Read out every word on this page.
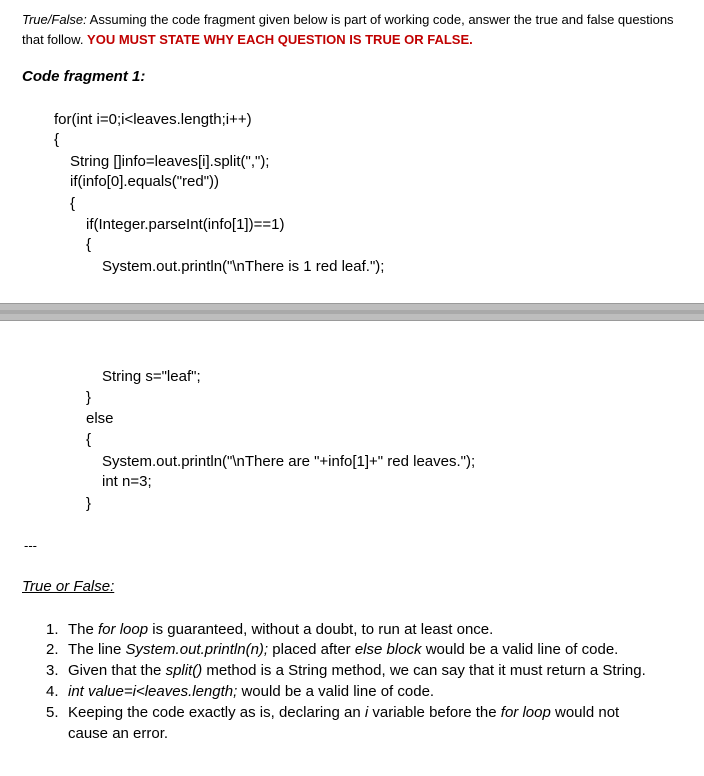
True/False: Assuming the code fragment given below is part of working code, answer the true and false questions that follow. YOU MUST STATE WHY EACH QUESTION IS TRUE OR FALSE.
Code fragment 1:
for(int i=0;i<leaves.length;i++)
{
String []info=leaves[i].split(",");
if(info[0].equals("red"))
{
if(Integer.parseInt(info[1])==1)
{
System.out.println("\nThere is 1 red leaf.");
String s="leaf";
}
else
{
System.out.println("\nThere are "+info[1]+" red leaves.");
int n=3;
}
---
True or False:
1. The for loop is guaranteed, without a doubt, to run at least once.
2. The line System.out.println(n); placed after else block would be a valid line of code.
3. Given that the split() method is a String method, we can say that it must return a String.
4. int value=i<leaves.length; would be a valid line of code.
5. Keeping the code exactly as is, declaring an i variable before the for loop would not
cause an error.
